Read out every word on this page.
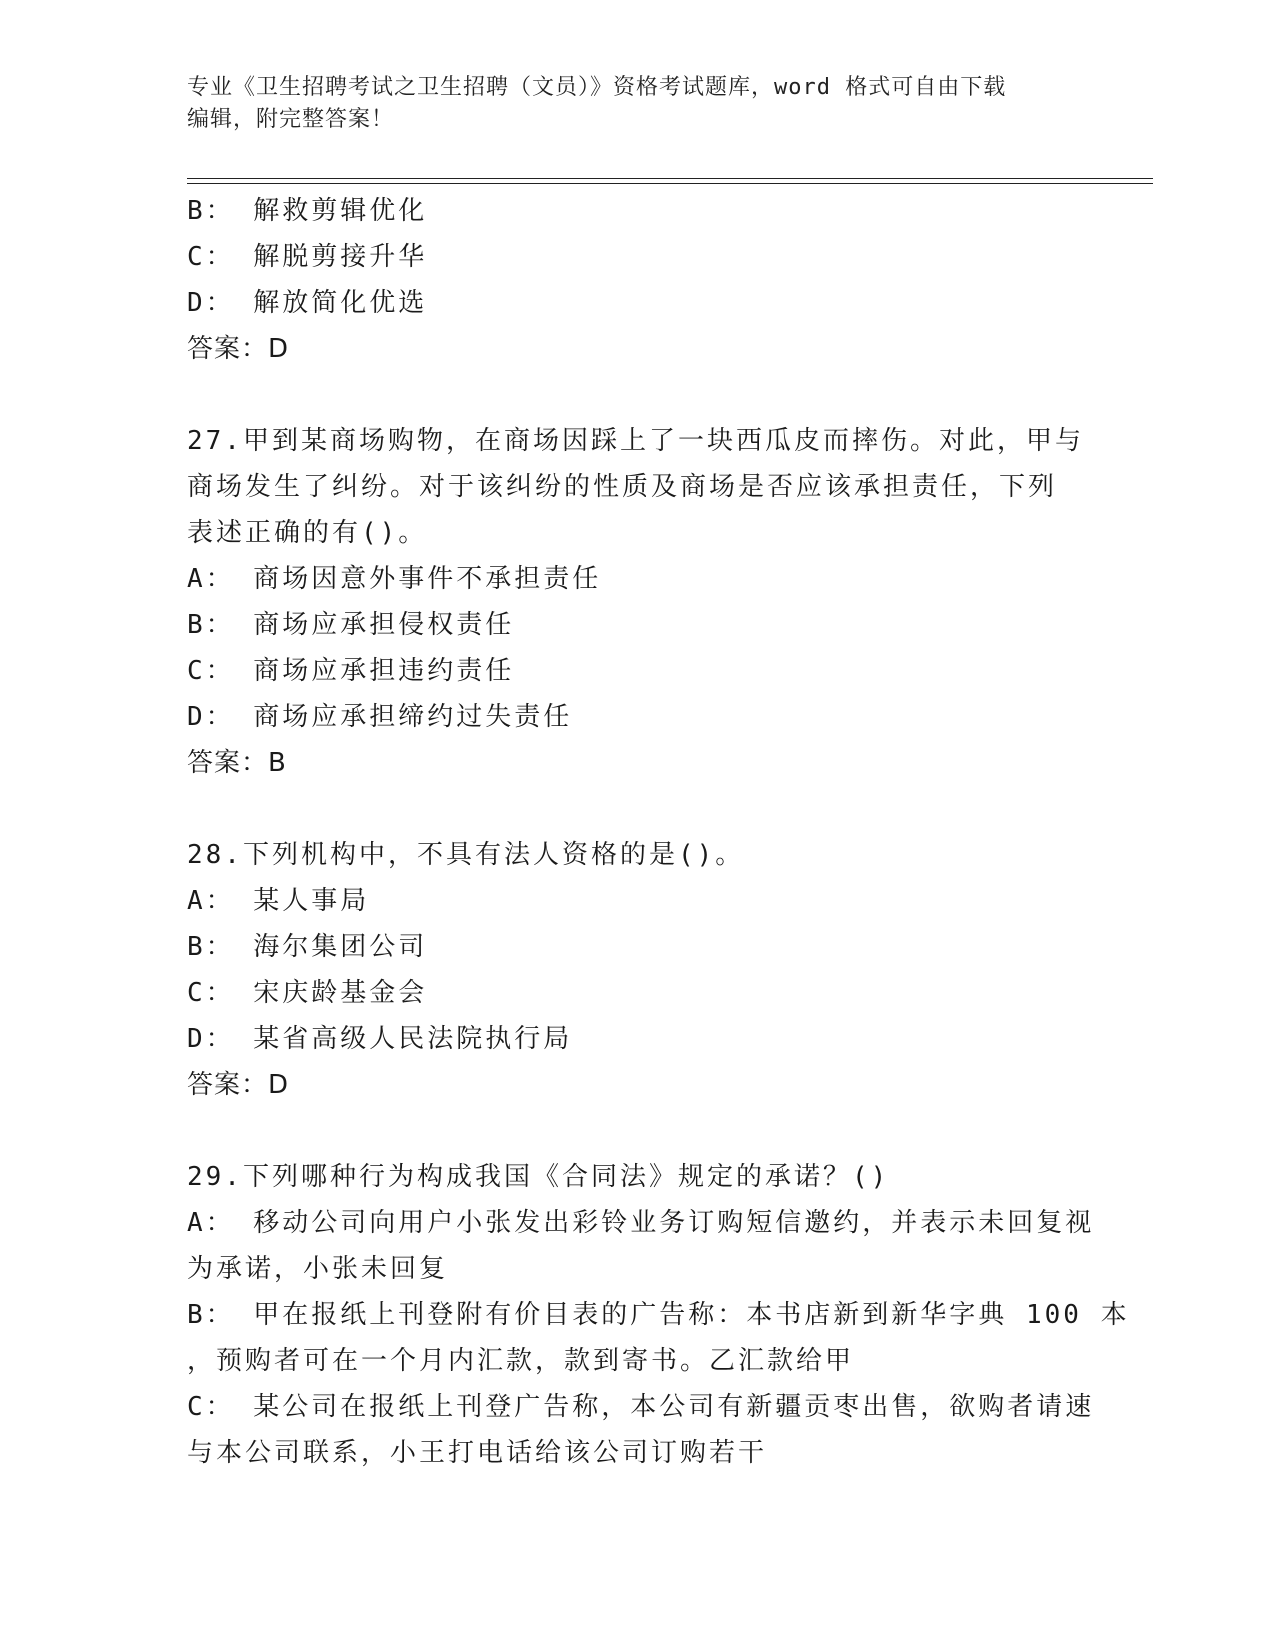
专业《卫生招聘考试之卫生招聘（文员）》资格考试题库，word 格式可自由下载
编辑，附完整答案！
B： 解救剪辑优化
C： 解脱剪接升华
D： 解放简化优选
答案：D
27.甲到某商场购物，在商场因踩上了一块西瓜皮而摔伤。对此，甲与
商场发生了纠纷。对于该纠纷的性质及商场是否应该承担责任，下列
表述正确的有()。
A： 商场因意外事件不承担责任
B： 商场应承担侵权责任
C： 商场应承担违约责任
D： 商场应承担缔约过失责任
答案：B
28.下列机构中，不具有法人资格的是()。
A： 某人事局
B： 海尔集团公司
C： 宋庆龄基金会
D： 某省高级人民法院执行局
答案：D
29.下列哪种行为构成我国《合同法》规定的承诺？()
A： 移动公司向用户小张发出彩铃业务订购短信邀约，并表示未回复视
为承诺，小张未回复
B： 甲在报纸上刊登附有价目表的广告称：本书店新到新华字典 100 本
，预购者可在一个月内汇款，款到寄书。乙汇款给甲
C： 某公司在报纸上刊登广告称，本公司有新疆贡枣出售，欲购者请速
与本公司联系，小王打电话给该公司订购若干
